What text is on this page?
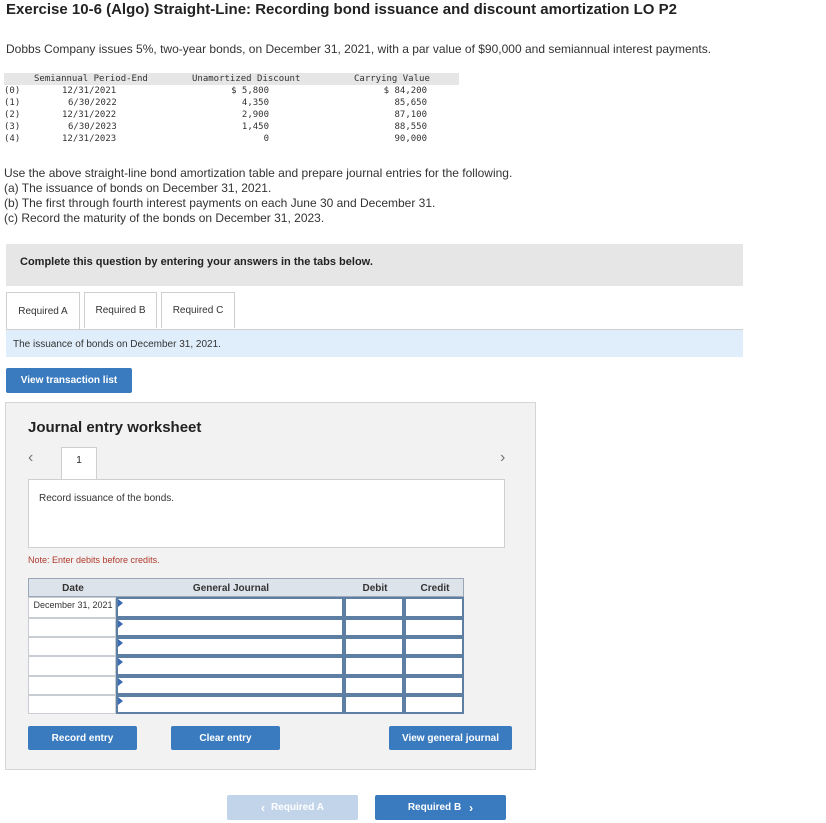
Exercise 10-6 (Algo) Straight-Line: Recording bond issuance and discount amortization LO P2
Dobbs Company issues 5%, two-year bonds, on December 31, 2021, with a par value of $90,000 and semiannual interest payments.
Semiannual Period-End	Unamortized Discount	Carrying Value
(0)	12/31/2021	$ 5,800	$ 84,200
(1)	6/30/2022	4,350	85,650
(2)	12/31/2022	2,900	87,100
(3)	6/30/2023	1,450	88,550
(4)	12/31/2023	0	90,000
Use the above straight-line bond amortization table and prepare journal entries for the following.
(a) The issuance of bonds on December 31, 2021.
(b) The first through fourth interest payments on each June 30 and December 31.
(c) Record the maturity of the bonds on December 31, 2023.
Complete this question by entering your answers in the tabs below.
Required A	Required B	Required C
The issuance of bonds on December 31, 2021.
View transaction list
Journal entry worksheet
‹	1	›
Record issuance of the bonds.
Note: Enter debits before credits.
Date	General Journal	Debit	Credit
December 31, 2021
Record entry	Clear entry	View general journal
‹ Required A	Required B ›
